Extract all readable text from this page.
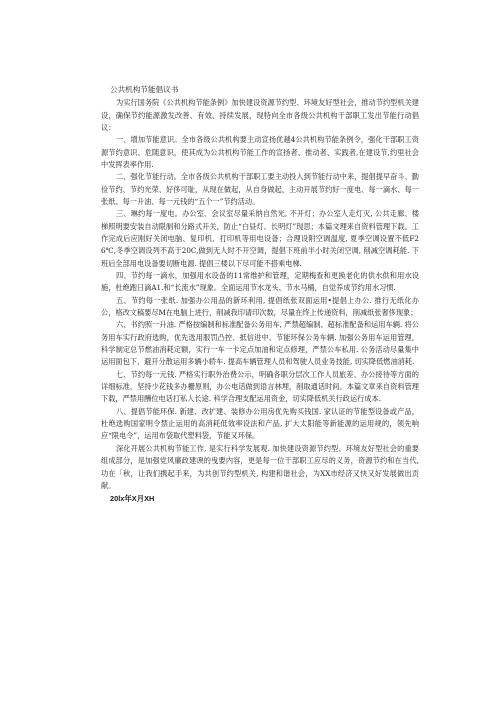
公共机构节能倡议书

为实行国务院《公共机构节能条例》加快建设资源节约型、环境友好型社会，推动节约型机关建设，确保节约能源激发改善、有效、持续发展，现特向全市各级公共机构干部职工发出节能行动倡议：

一、增加节能意识。全市各级公共机构要主动宣扬优越4公共机构节能条例令，强化干部职工资源节约意识、危随意识，使其成为公共机构节能工作的宣扬者、推动者、实践者,在建设节,约里社会中发挥表率作用.

二、强化节能行动。全市各级公共机构干部职工要主动投入到节能行动中来，提倡提早奋斗、勤俭节约、节约光荣、好侈可耻，从现在做起，从自身做起，主动开展节约好一度电、每一滴水、每一张纸、每一升油、每一元钱的“五个一”节约活动。

三、琳约每一度电。办公室、会议室尽量采纳自然光, 不开灯；办公室人走灯灭, 公共走廊、楼梯照明要安装自动限制和分路式开关，防止“白昼灯、长明灯”现思；本篇文理来自资料管理下载。工作完成后应刚好关闭电脑、复印机、打印机等用电设备；合理设附空调温度, 夏季空调设置不低F26℃,冬季空调设列不高于20C,做到无人时不开空调，提倡下班前半小时关闭空调, 削减空调耗能. 下班后全部用电设备要切断电源. 提倡三楼以下尽可能不搭乘电梯.

四、节约每一滴水，加强用水设备的11常维护和管理，定期梅查和更换老化的供水供和用水设施，杜绝跑日滴A1.和“长流水”现象。全面运用节水龙头、节水马桶，自觉养成节约用水习惯.

五、节约每一张纸. 加强办公用品的新环利用, 提倡纸张双面运用•提倡上办公. 推行无纸化办公，格改文稿要尽M在电脑上进行，削减我印请印次数，尽量在终上传递资料，削减纸张奢侈现象；

六、书约照一升油. 严格按编制和标准配备公务用车, 严禁超编制、超标准配备和运用车辆. 将公务用车实行政府选购，优先选用服罚凸控、抵信进中、节能环保公务车辆. 加强公务用车运用管理，科学制定总节燃油消耗定额，实行一车一卡定点加油和定点修理，严禁公车私用. 公务活动尽量集中运用面包下，避开分散运用多辆小轿车. 提高车辆管理人员和驾驶人员业务技能, 切实降低燃油消耗.

七、节约每一元钱. 严格实行职外治费公示，明确各职分层次工作人员旅差、办公接待等方面的详细标准，坚持少花钱多办栅原则，办公电话做到语言林埋，削取通话时间。本篇文章来自资料管理下载，严禁用酬位电话打私人长途. 科学合理支配运用资金，切实降低机关行政运行成本.

八、提倡节能环保. 新建、改扩建、装修办公用房优先购买钱国. 家认证的节能型设备或产品，杜绝选购国家明令禁止运用的高消耗低效率设法和产品, 扩大太阳能等新能源的运用规的，领先响应“限电令”，运用布袋取代塑料袋，节能又环保。

深化开展公共机构节能工作, 是实行科学发展观. 加快建设资源节约型、环境友好型社会的重要组成部分，是加强党风廉政建谀的曳要内容，更是每一位干部职工应尽的义务，资源节约和在当代, 功在「秋，让我们携起手来，为共创节约型机关, 构建和谐社会，为XX市经济又快又好发展做出贡献。

20lx年X月XH
